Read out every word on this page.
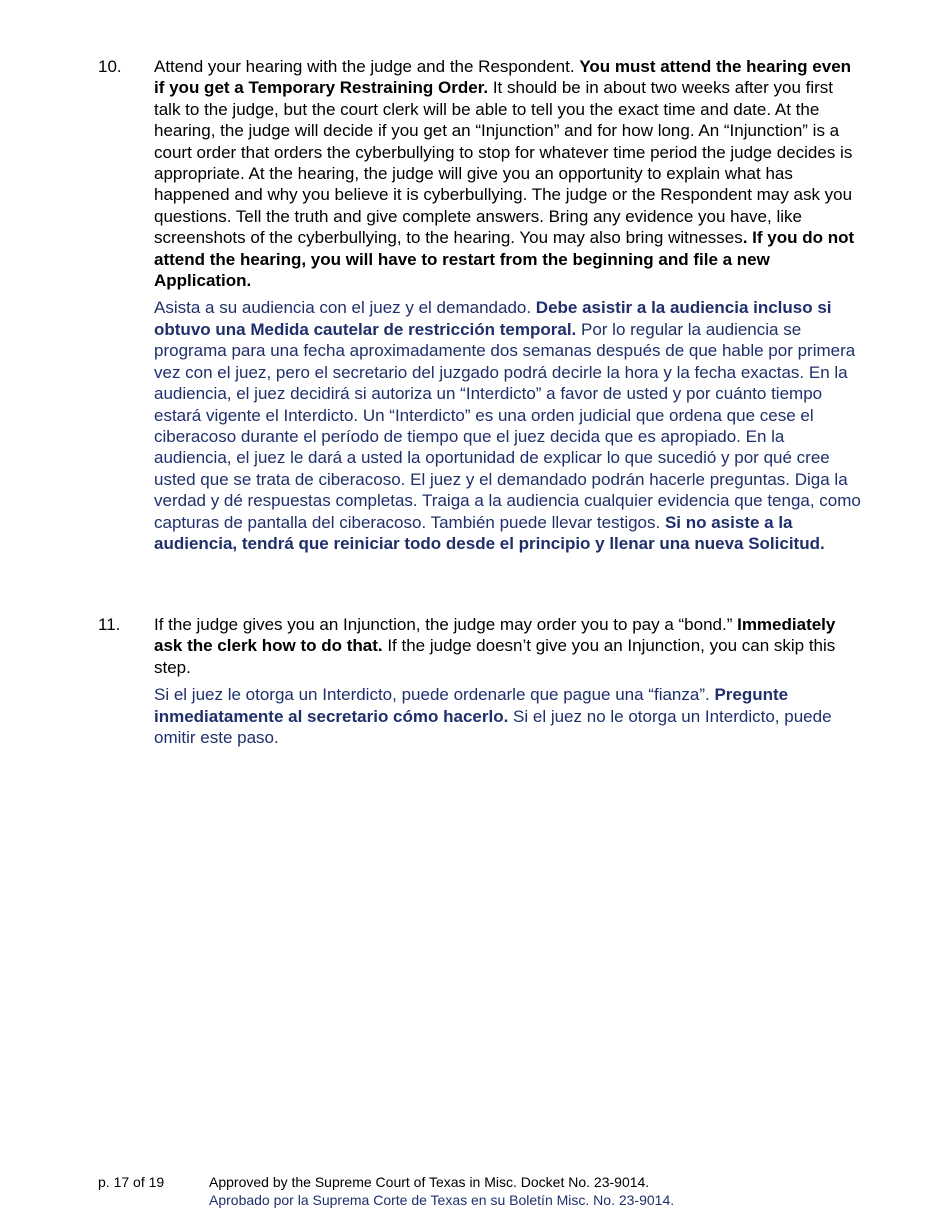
10. Attend your hearing with the judge and the Respondent. You must attend the hearing even if you get a Temporary Restraining Order. It should be in about two weeks after you first talk to the judge, but the court clerk will be able to tell you the exact time and date. At the hearing, the judge will decide if you get an “Injunction” and for how long. An “Injunction” is a court order that orders the cyberbullying to stop for whatever time period the judge decides is appropriate. At the hearing, the judge will give you an opportunity to explain what has happened and why you believe it is cyberbullying. The judge or the Respondent may ask you questions. Tell the truth and give complete answers. Bring any evidence you have, like screenshots of the cyberbullying, to the hearing. You may also bring witnesses. If you do not attend the hearing, you will have to restart from the beginning and file a new Application.

Asista a su audiencia con el juez y el demandado. Debe asistir a la audiencia incluso si obtuvo una Medida cautelar de restricción temporal. Por lo regular la audiencia se programa para una fecha aproximadamente dos semanas después de que hable por primera vez con el juez, pero el secretario del juzgado podrá decirle la hora y la fecha exactas. En la audiencia, el juez decidirá si autoriza un “Interdicto” a favor de usted y por cuánto tiempo estará vigente el Interdicto. Un “Interdicto” es una orden judicial que ordena que cese el ciberacoso durante el período de tiempo que el juez decida que es apropiado. En la audiencia, el juez le dará a usted la oportunidad de explicar lo que sucedió y por qué cree usted que se trata de ciberacoso. El juez y el demandado podrán hacerle preguntas. Diga la verdad y dé respuestas completas. Traiga a la audiencia cualquier evidencia que tenga, como capturas de pantalla del ciberacoso. También puede llevar testigos. Si no asiste a la audiencia, tendrá que reiniciar todo desde el principio y llenar una nueva Solicitud.

11. If the judge gives you an Injunction, the judge may order you to pay a “bond.” Immediately ask the clerk how to do that. If the judge doesn’t give you an Injunction, you can skip this step.

Si el juez le otorga un Interdicto, puede ordenarle que pague una “fianza”. Pregunte inmediatamente al secretario cómo hacerlo. Si el juez no le otorga un Interdicto, puede omitir este paso.

p. 17 of 19	Approved by the Supreme Court of Texas in Misc. Docket No. 23-9014.
Aprobado por la Suprema Corte de Texas en su Boletín Misc. No. 23-9014.
